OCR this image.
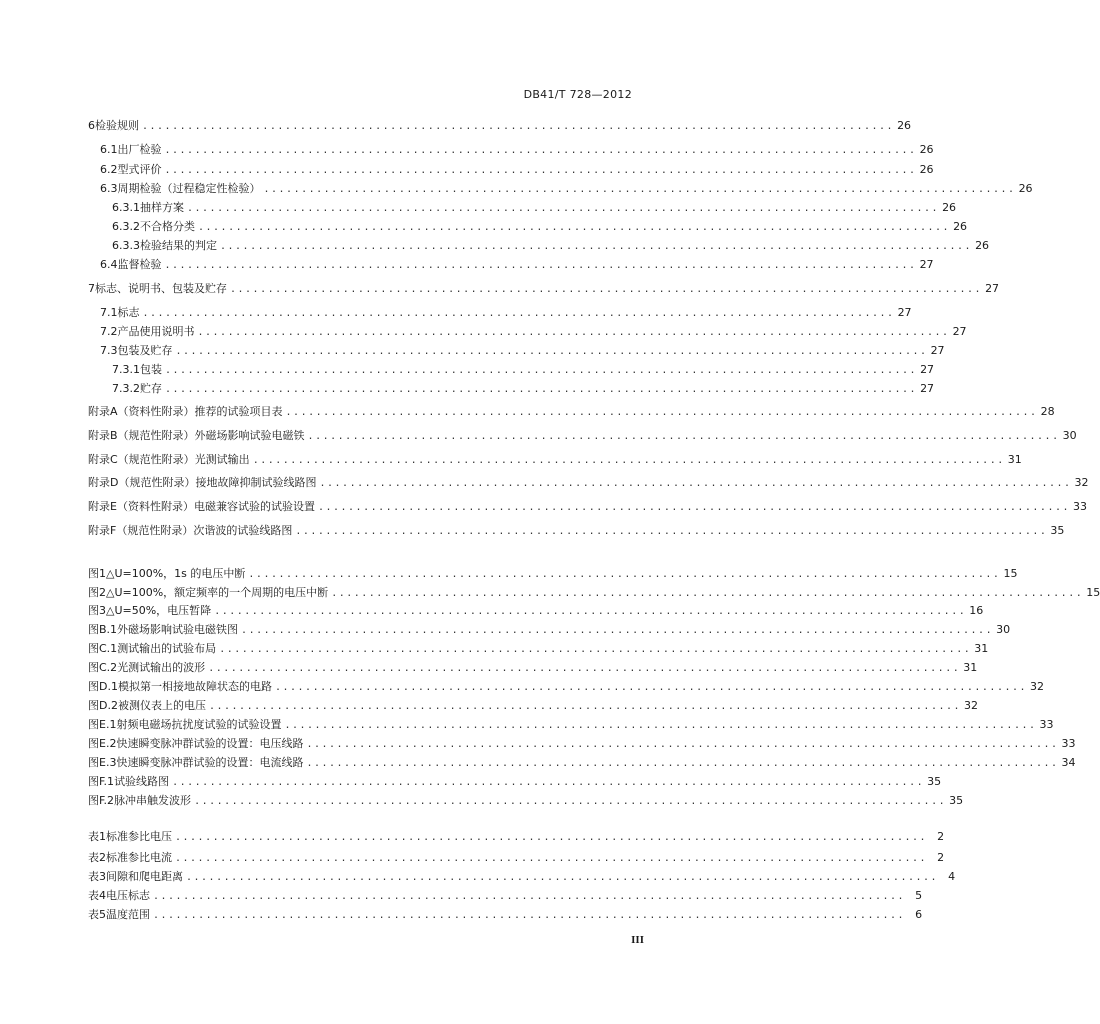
DB41/T 728—2012
6 检验规则 .................................................................................................... 26
6.1 出厂检验 .................................................................................................... 26
6.2 型式评价 .................................................................................................... 26
6.3 周期检验（过程稳定性检验） .................................................................................................... 26
6.3.1 抽样方案 .................................................................................................... 26
6.3.2 不合格分类 .................................................................................................... 26
6.3.3 检验结果的判定 .................................................................................................... 26
6.4 监督检验 .................................................................................................... 27
7 标志、说明书、包装及贮存 .................................................................................................... 27
7.1 标志 .................................................................................................... 27
7.2 产品使用说明书 .................................................................................................... 27
7.3 包装及贮存 .................................................................................................... 27
7.3.1 包装 .................................................................................................... 27
7.3.2 贮存 .................................................................................................... 27
附录A（资料性附录） 推荐的试验项目表 .................................................................................................... 28
附录B（规范性附录） 外磁场影响试验电磁铁 .................................................................................................... 30
附录C（规范性附录） 光测试输出 .................................................................................................... 31
附录D（规范性附录） 接地故障抑制试验线路图 .................................................................................................... 32
附录E（资料性附录） 电磁兼容试验的试验设置 .................................................................................................... 33
附录F（规范性附录） 次谐波的试验线路图 .................................................................................................... 35
图1 △U=100%，1s 的电压中断 .................................................................................................... 15
图2 △U=100%，额定频率的一个周期的电压中断 .................................................................................................... 15
图3 △U=50%，电压暂降 .................................................................................................... 16
图B.1 外磁场影响试验电磁铁图 .................................................................................................... 30
图C.1 测试输出的试验布局 .................................................................................................... 31
图C.2 光测试输出的波形 .................................................................................................... 31
图D.1 模拟第一相接地故障状态的电路 .................................................................................................... 32
图D.2 被测仪表上的电压 .................................................................................................... 32
图E.1 射频电磁场抗扰度试验的试验设置 .................................................................................................... 33
图E.2 快速瞬变脉冲群试验的设置：电压线路 .................................................................................................... 33
图E.3 快速瞬变脉冲群试验的设置：电流线路 .................................................................................................... 34
图F.1 试验线路图 .................................................................................................... 35
图F.2 脉冲串触发波形 .................................................................................................... 35
表1 标准参比电压 .................................................................................................... 2
表2 标准参比电流 .................................................................................................... 2
表3 间隙和爬电距离 .................................................................................................... 4
表4 电压标志 .................................................................................................... 5
表5 温度范围 .................................................................................................... 6
III
